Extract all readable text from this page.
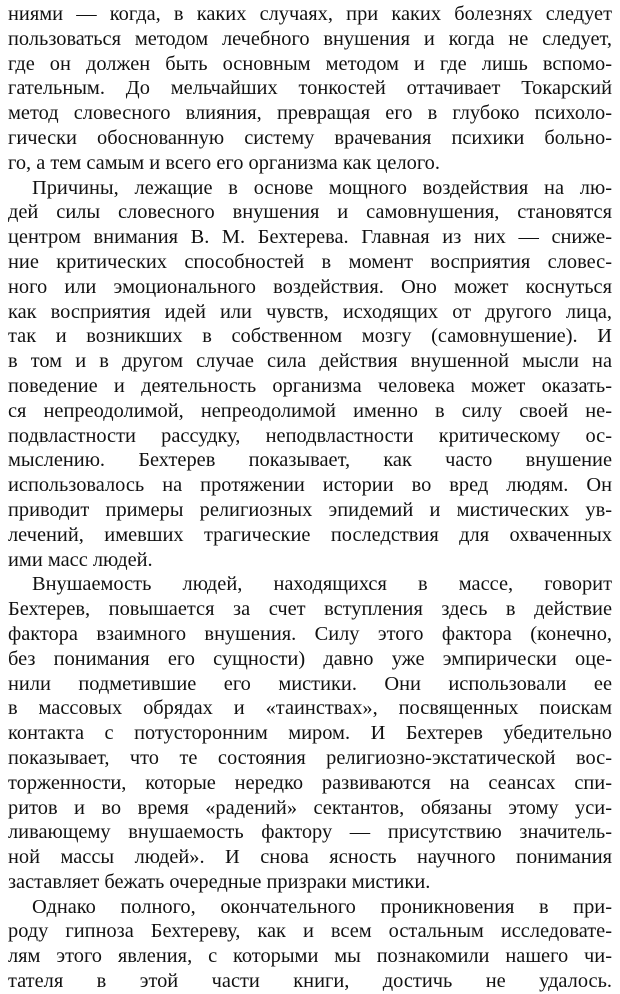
ниями — когда, в каких случаях, при каких болезнях следует
пользоваться методом лечебного внушения и когда не следует,
где он должен быть основным методом и где лишь вспомо-
гательным. До мельчайших тонкостей оттачивает Токарский
метод словесного влияния, превращая его в глубоко психоло-
гически обоснованную систему врачевания психики больно-
го, а тем самым и всего его организма как целого.

Причины, лежащие в основе мощного воздействия на лю-
дей силы словесного внушения и самовнушения, становятся
центром внимания В. М. Бехтерева. Главная из них — сниже-
ние критических способностей в момент восприятия словес-
ного или эмоционального воздействия. Оно может коснуться
как восприятия идей или чувств, исходящих от другого лица,
так и возникших в собственном мозгу (самовнушение). И
в том и в другом случае сила действия внушенной мысли на
поведение и деятельность организма человека может оказать-
ся непреодолимой, непреодолимой именно в силу своей не-
подвластности рассудку, неподвластности критическому ос-
мыслению. Бехтерев показывает, как часто внушение
использовалось на протяжении истории во вред людям. Он
приводит примеры религиозных эпидемий и мистических ув-
лечений, имевших трагические последствия для охваченных
ими масс людей.

Внушаемость людей, находящихся в массе, говорит
Бехтерев, повышается за счет вступления здесь в действие
фактора взаимного внушения. Силу этого фактора (конечно,
без понимания его сущности) давно уже эмпирически оце-
нили подметившие его мистики. Они использовали ее
в массовых обрядах и «таинствах», посвященных поискам
контакта с потусторонним миром. И Бехтерев убедительно
показывает, что те состояния религиозно-экстатической вос-
торженности, которые нередко развиваются на сеансах спи-
ритов и во время «радений» сектантов, обязаны этому уси-
ливающему внушаемость фактору — присутствию значитель-
ной массы людей». И снова ясность научного понимания
заставляет бежать очередные призраки мистики.

Однако полного, окончательного проникновения в при-
роду гипноза Бехтереву, как и всем остальным исследовате-
лям этого явления, с которыми мы познакомили нашего чи-
тателя в этой части книги, достичь не удалось.
